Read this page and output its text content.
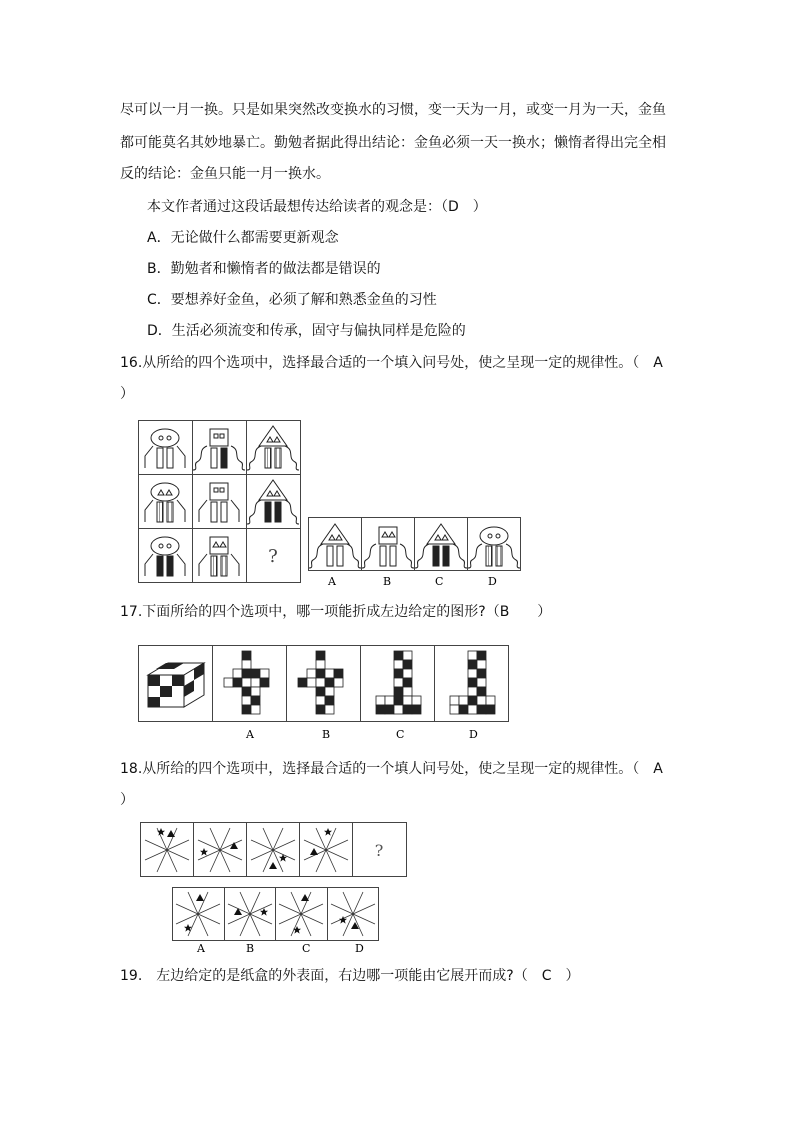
尽可以一月一换。只是如果突然改变换水的习惯，变一天为一月，或变一月为一天，金鱼
都可能莫名其妙地暴亡。勤勉者据此得出结论：金鱼必须一天一换水；懒惰者得出完全相
反的结论：金鱼只能一月一换水。
本文作者通过这段话最想传达给读者的观念是：（D　）
A．无论做什么都需要更新观念
B．勤勉者和懒惰者的做法都是错误的
C．要想养好金鱼，必须了解和熟悉金鱼的习性
D．生活必须流变和传承，固守与偏执同样是危险的
16.从所给的四个选项中，选择最合适的一个填入问号处，使之呈现一定的规律性。（　A
）
?
A	B	C	D
17.下面所给的四个选项中，哪一项能折成左边给定的图形?（B　　）
A	B	C	D
18.从所给的四个选项中，选择最合适的一个填人问号处，使之呈现一定的规律性。（　A
）
?
A	B	C	D
19.　左边给定的是纸盒的外表面，右边哪一项能由它展开而成?（　C　）
